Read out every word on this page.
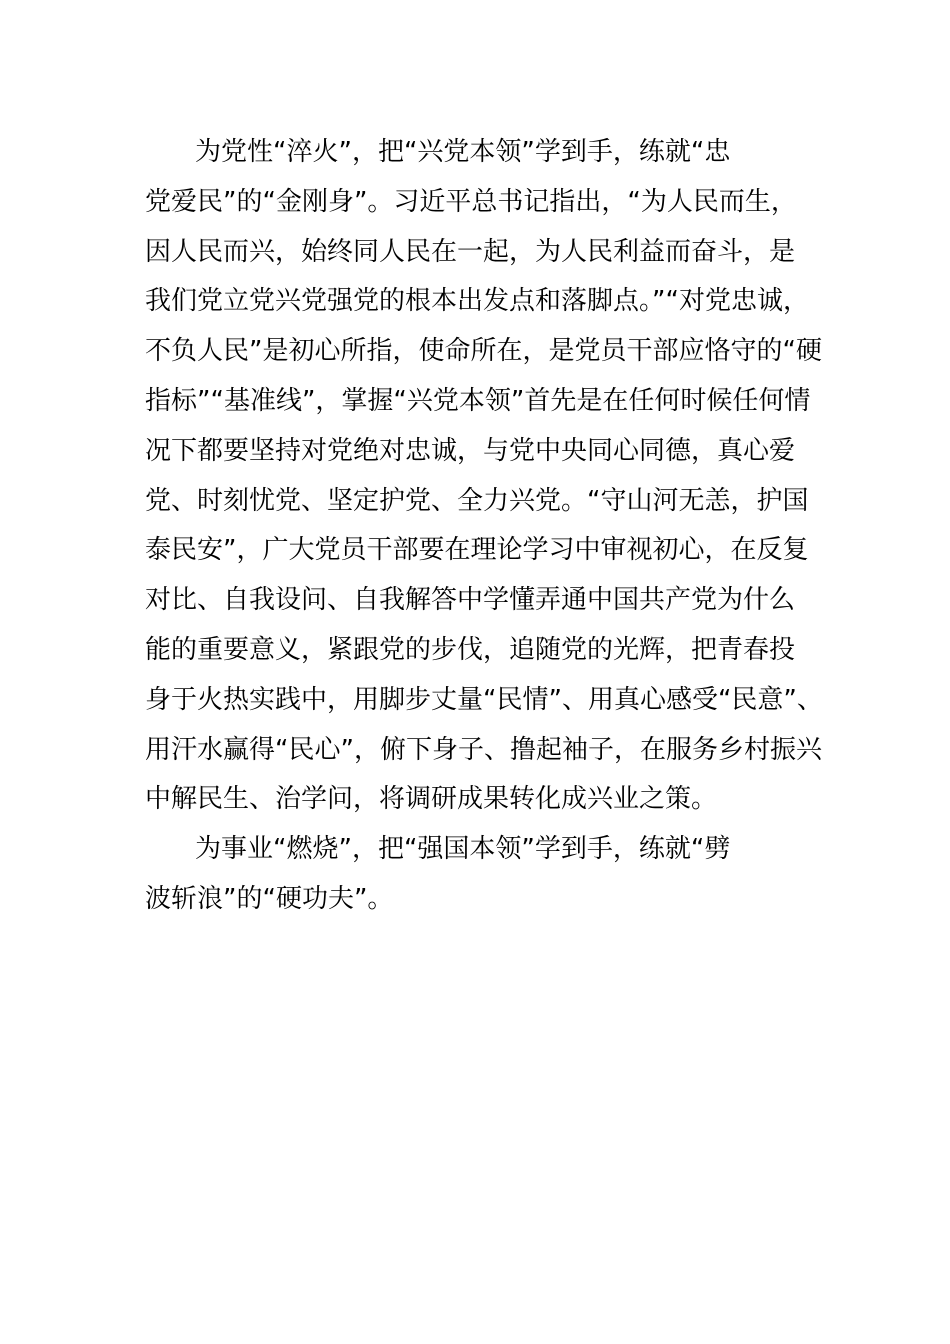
为党性“淬火”，把“兴党本领”学到手，练就“忠
党爱民”的“金刚身”。习近平总书记指出，“为人民而生，
因人民而兴，始终同人民在一起，为人民利益而奋斗，是
我们党立党兴党强党的根本出发点和落脚点。”“对党忠诚，
不负人民”是初心所指，使命所在，是党员干部应恪守的“硬
指标”“基准线”，掌握“兴党本领”首先是在任何时候任何情
况下都要坚持对党绝对忠诚，与党中央同心同德，真心爱
党、时刻忧党、坚定护党、全力兴党。“守山河无恙，护国
泰民安”，广大党员干部要在理论学习中审视初心，在反复
对比、自我设问、自我解答中学懂弄通中国共产党为什么
能的重要意义，紧跟党的步伐，追随党的光辉，把青春投
身于火热实践中，用脚步丈量“民情”、用真心感受“民意”、
用汗水赢得“民心”，俯下身子、撸起袖子，在服务乡村振兴
中解民生、治学问，将调研成果转化成兴业之策。
为事业“燃烧”，把“强国本领”学到手，练就“劈
波斩浪”的“硬功夫”。
